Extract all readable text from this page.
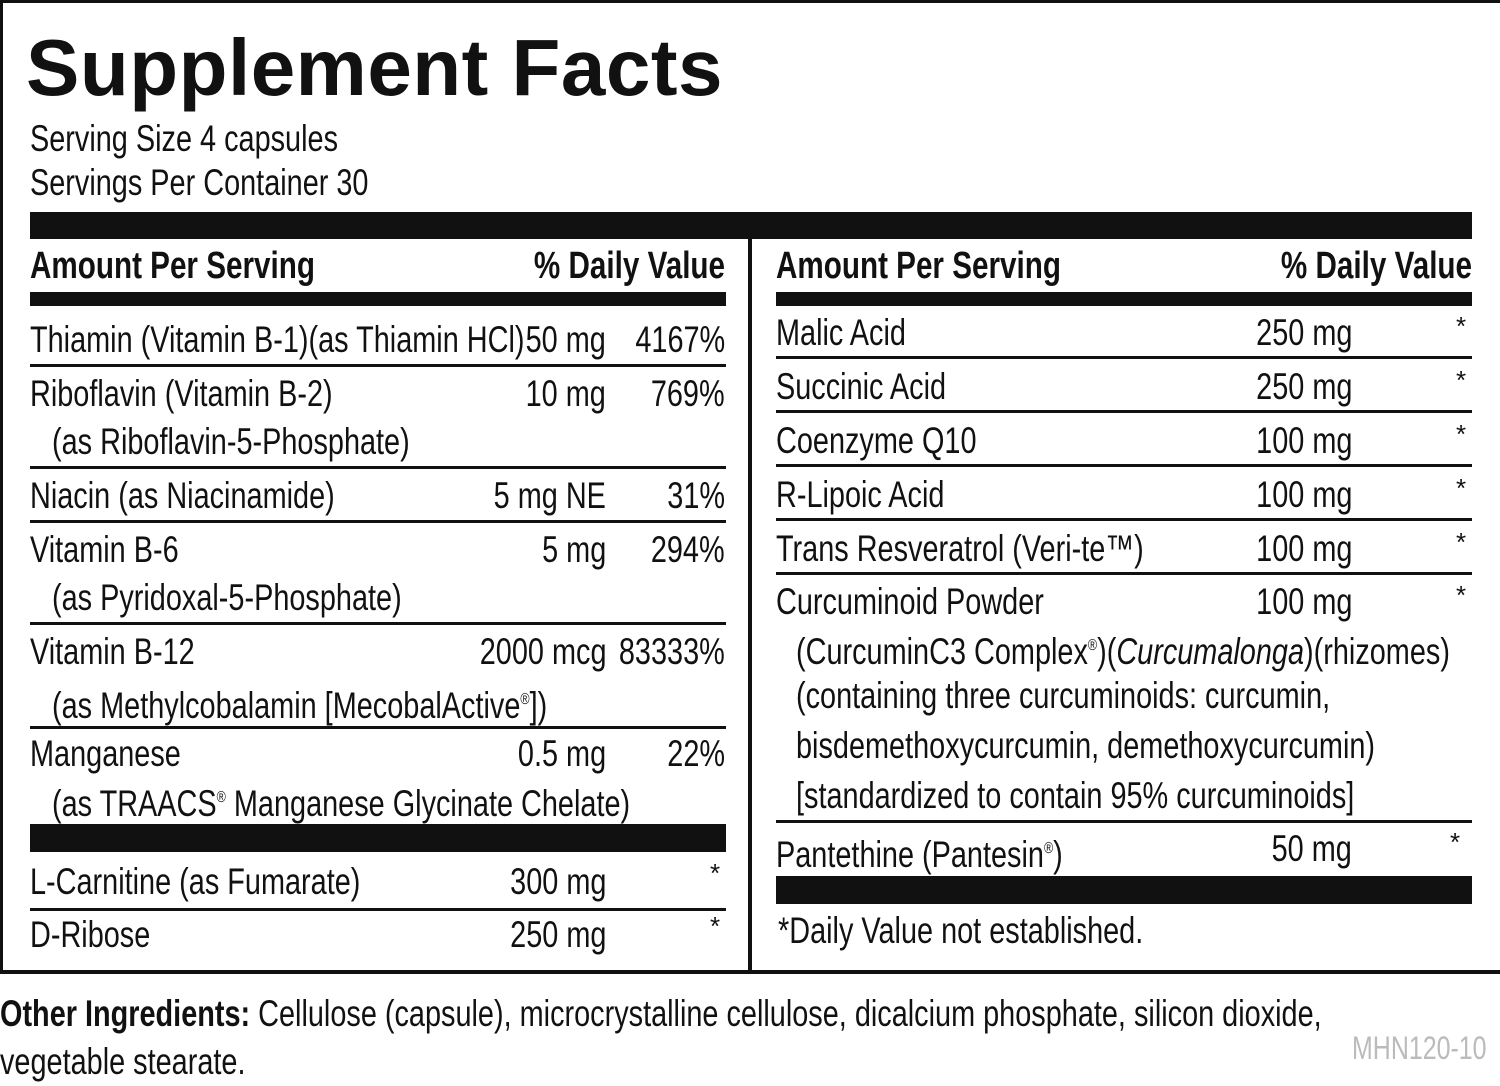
Supplement Facts
Serving Size 4 capsules
Servings Per Container 30
Amount Per Serving	% Daily Value Amount Per Serving	% Daily Value
Thiamin (Vitamin B-1)(as Thiamin HCl) 50 mg 4167%
Riboflavin (Vitamin B-2)	10 mg	769%
(as Riboflavin-5-Phosphate)
Niacin (as Niacinamide)	5 mg NE	31%
Vitamin B-6	5 mg	294%
(as Pyridoxal-5-Phosphate)
Vitamin B-12	2000 mcg 83333%
(as Methylcobalamin [MecobalActive®])
Manganese	0.5 mg	22%
(as TRAACS® Manganese Glycinate Chelate)
L-Carnitine (as Fumarate)	300 mg	*
D-Ribose	250 mg	*
Malic Acid	250 mg	*
Succinic Acid	250 mg	*
Coenzyme Q10	100 mg	*
R-Lipoic Acid	100 mg	*
Trans Resveratrol (Veri-te™)	100 mg	*
Curcuminoid Powder	100 mg	*
(CurcuminC3 Complex®)(Curcumalonga)(rhizomes)
(containing three curcuminoids: curcumin,
bisdemethoxycurcumin, demethoxycurcumin)
[standardized to contain 95% curcuminoids]
Pantethine (Pantesin®)	50 mg	*
*Daily Value not established.
Other Ingredients: Cellulose (capsule), microcrystalline cellulose, dicalcium phosphate, silicon dioxide, vegetable stearate.	MHN120-10
